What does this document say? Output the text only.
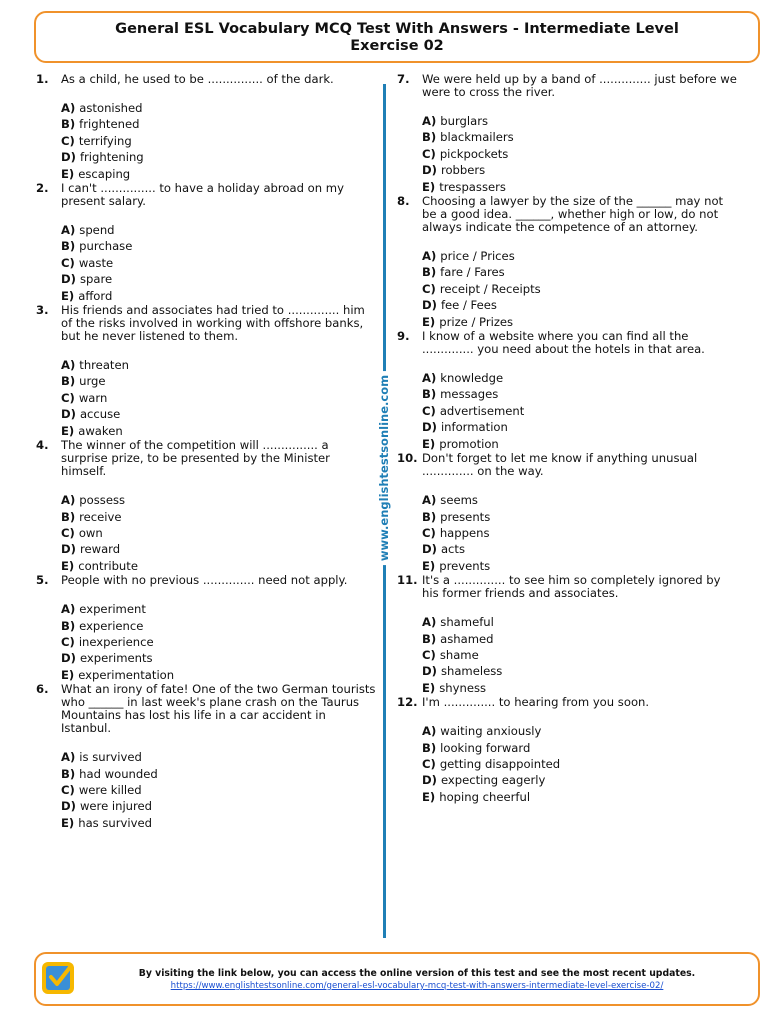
General ESL Vocabulary MCQ Test With Answers - Intermediate Level
Exercise 02
1.	As a child, he used to be ............... of the dark.
A) astonished
B) frightened
C) terrifying
D) frightening
E) escaping
2.	I can't ............... to have a holiday abroad on my present salary.
A) spend
B) purchase
C) waste
D) spare
E) afford
3.	His friends and associates had tried to .............. him of the risks involved in working with offshore banks, but he never listened to them.
A) threaten
B) urge
C) warn
D) accuse
E) awaken
4.	The winner of the competition will ............... a surprise prize, to be presented by the Minister himself.
A) possess
B) receive
C) own
D) reward
E) contribute
5.	People with no previous .............. need not apply.
A) experiment
B) experience
C) inexperience
D) experiments
E) experimentation
6.	What an irony of fate! One of the two German tourists who ______ in last week's plane crash on the Taurus Mountains has lost his life in a car accident in Istanbul.
A) is survived
B) had wounded
C) were killed
D) were injured
E) has survived
www.englishtestsonline.com
7.	We were held up by a band of .............. just before we were to cross the river.
A) burglars
B) blackmailers
C) pickpockets
D) robbers
E) trespassers
8.	Choosing a lawyer by the size of the ______ may not be a good idea. ______, whether high or low, do not always indicate the competence of an attorney.
A) price / Prices
B) fare / Fares
C) receipt / Receipts
D) fee / Fees
E) prize / Prizes
9.	I know of a website where you can find all the .............. you need about the hotels in that area.
A) knowledge
B) messages
C) advertisement
D) information
E) promotion
10. Don't forget to let me know if anything unusual .............. on the way.
A) seems
B) presents
C) happens
D) acts
E) prevents
11. It's a .............. to see him so completely ignored by his former friends and associates.
A) shameful
B) ashamed
C) shame
D) shameless
E) shyness
12. I'm .............. to hearing from you soon.
A) waiting anxiously
B) looking forward
C) getting disappointed
D) expecting eagerly
E) hoping cheerful
By visiting the link below, you can access the online version of this test and see the most recent updates.
https://www.englishtestsonline.com/general-esl-vocabulary-mcq-test-with-answers-intermediate-level-exercise-02/
